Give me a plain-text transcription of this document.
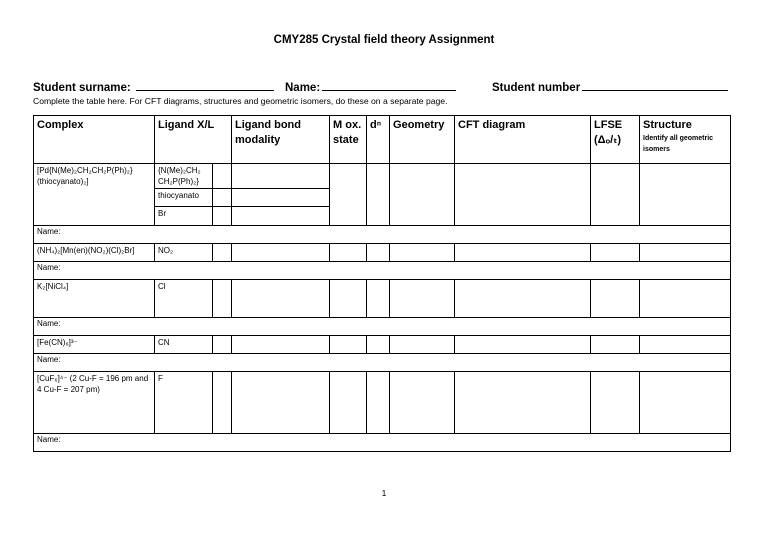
CMY285 Crystal field theory Assignment
Student surname:	Name:	Student number
Complete the table here. For CFT diagrams, structures and geometric isomers, do these on a separate page.
Complex	Ligand X/L		Ligand bond modality	M ox. state	dⁿ	Geometry	CFT diagram	LFSE (Δₒ/ₜ)	Structure
Identify all geometric isomers

[Pd{N(Me)₂CH₂CH₂P(Ph)₂} (thiocyanato)₂]	{N(Me)₂CH₂ CH₂P(Ph)₂}								
	thiocyanato								
	Br								
Name:									
(NH₄)₂[Mn(en)(NO₂)(Cl)₂Br]	NO₂								
Name:									
K₂[NiCl₄]	Cl								
Name:									
[Fe(CN)₆]³⁻	CN								
Name:									
[CuF₆]⁴⁻ (2 Cu-F = 196 pm and 4 Cu-F = 207 pm)	F								
Name:									
1
